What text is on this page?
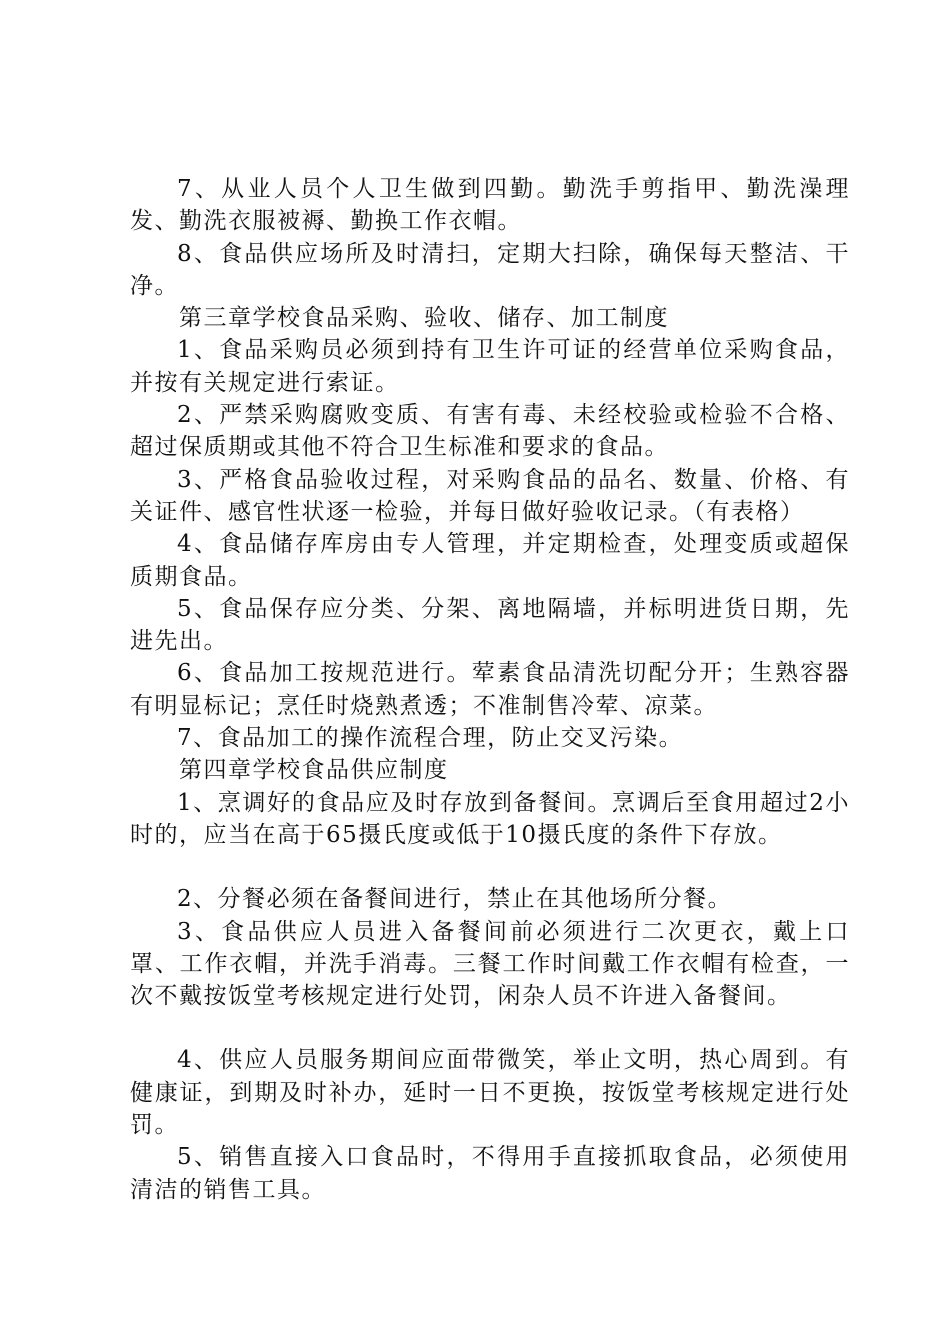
7、从业人员个人卫生做到四勤。勤洗手剪指甲、勤洗澡理发、勤洗衣服被褥、勤换工作衣帽。

8、食品供应场所及时清扫，定期大扫除，确保每天整洁、干净。

第三章学校食品采购、验收、储存、加工制度

1、食品采购员必须到持有卫生许可证的经营单位采购食品，并按有关规定进行索证。

2、严禁采购腐败变质、有害有毒、未经校验或检验不合格、超过保质期或其他不符合卫生标准和要求的食品。

3、严格食品验收过程，对采购食品的品名、数量、价格、有关证件、感官性状逐一检验，并每日做好验收记录。（有表格）

4、食品储存库房由专人管理，并定期检查，处理变质或超保质期食品。

5、食品保存应分类、分架、离地隔墙，并标明进货日期，先进先出。

6、食品加工按规范进行。荤素食品清洗切配分开；生熟容器有明显标记；烹任时烧熟煮透；不准制售冷荤、凉菜。

7、食品加工的操作流程合理，防止交叉污染。

第四章学校食品供应制度

1、烹调好的食品应及时存放到备餐间。烹调后至食用超过2小时的，应当在高于65摄氏度或低于10摄氏度的条件下存放。

2、分餐必须在备餐间进行，禁止在其他场所分餐。

3、食品供应人员进入备餐间前必须进行二次更衣，戴上口罩、工作衣帽，并洗手消毒。三餐工作时间戴工作衣帽有检查，一次不戴按饭堂考核规定进行处罚，闲杂人员不许进入备餐间。

4、供应人员服务期间应面带微笑，举止文明，热心周到。有健康证，到期及时补办，延时一日不更换，按饭堂考核规定进行处罚。

5、销售直接入口食品时，不得用手直接抓取食品，必须使用清洁的销售工具。
